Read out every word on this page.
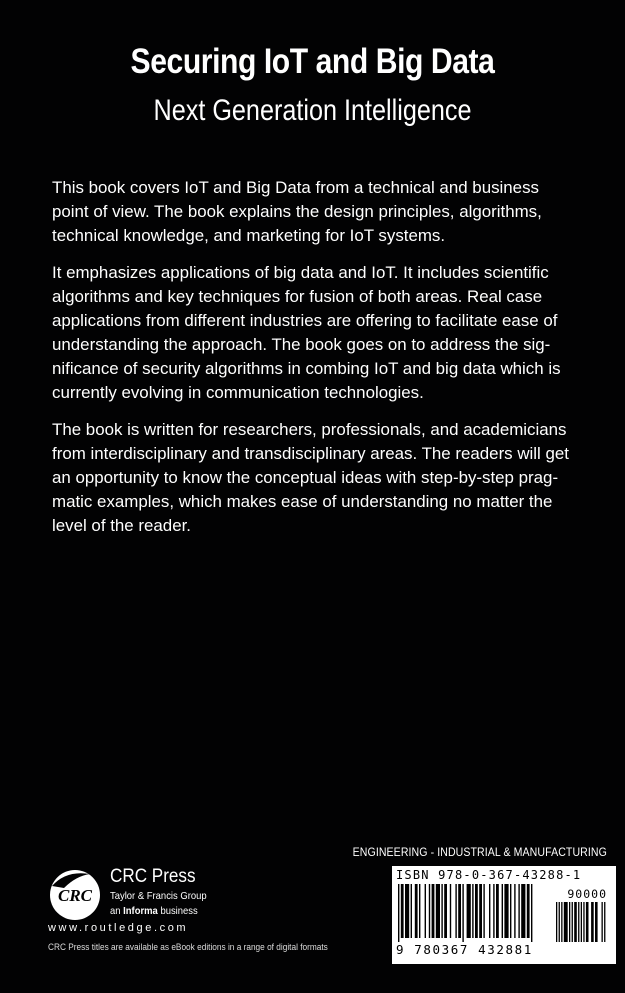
Securing IoT and Big Data
Next Generation Intelligence

This book covers IoT and Big Data from a technical and business
point of view. The book explains the design principles, algorithms,
technical knowledge, and marketing for IoT systems.

It emphasizes applications of big data and IoT. It includes scientific
algorithms and key techniques for fusion of both areas. Real case
applications from different industries are offering to facilitate ease of
understanding the approach. The book goes on to address the sig-
nificance of security algorithms in combing IoT and big data which is
currently evolving in communication technologies.

The book is written for researchers, professionals, and academicians
from interdisciplinary and transdisciplinary areas. The readers will get
an opportunity to know the conceptual ideas with step-by-step prag-
matic examples, which makes ease of understanding no matter the
level of the reader.

ENGINEERING - INDUSTRIAL & MANUFACTURING
ISBN 978-0-367-43288-1
90000
9 780367 432881
CRC
CRC Press
Taylor & Francis Group
an Informa business
www.routledge.com
CRC Press titles are available as eBook editions in a range of digital formats
